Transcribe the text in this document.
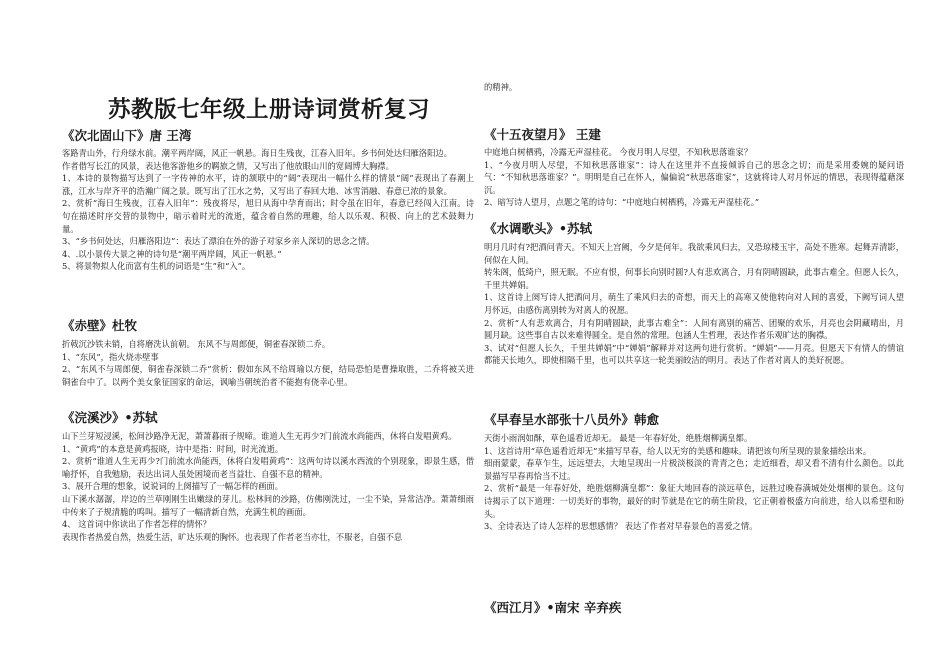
苏教版七年级上册诗词赏析复习

《次北固山下》唐 王湾

客路青山外，行舟绿水前。潮平两岸阔，风正一帆悬。海日生残夜，江春入旧年。乡书何处达归雁洛阳边。

作者借写长江的风景，表达他客游他乡的羁旅之情，又写出了他放眼山川的宽阔博大胸襟。

1、本诗的景物描写达到了一字传神的水平，诗的颔联中的“阔”表现出一幅什么样的情景“阔”表现出了春潮上涨，江水与岸齐平的浩瀚广阔之景。既写出了江水之势，又写出了春回大地、冰雪消融、春意已浓的景象。

2、赏析“海日生残夜，江春入旧年”：残夜将尽，旭日从海中孕育而出；时令虽在旧年，春意已经闯入江南。诗句在描述时序交替的景物中，暗示着时光的流逝，蕴含着自然的理趣，给人以乐观、积极、向上的艺术鼓舞力量。

3、“乡书何处达，归雁洛阳边”：表达了漂泊在外的游子对家乡亲人深切的思念之情。

4、.以小景传大景之神的诗句是“潮平两岸阔，风正一帆悬。”

5、将景物拟人化而富有生机的词语是“生”和“入”。

《赤壁》杜牧

折戟沉沙铁未销，自将磨洗认前朝。 东风不与周郎便，铜雀春深锁二乔。

1、“东风”，指火烧赤壁事

2、“东风不与周郎便，铜雀春深锁二乔”赏析：假如东风不给周瑜以方便，结局恐怕是曹操取胜，二乔将被关进铜雀台中了。以两个美女象征国家的命运，讽喻当朝统治者不能抱有侥幸心里。

《浣溪沙》•苏轼

山下兰芽短浸溪，松间沙路净无泥，萧萧暮雨子规啼。谁道人生无再少?门前流水尚能西，休将白发唱黄鸡。

1、“黄鸡”的本意是黄鸡报晓，诗中是指：时间，时光流逝。

2、赏析“谁道人生无再少?门前流水尚能西，休将白发唱黄鸡”：这两句诗以溪水西流的个别现象，即景生感，借喻抒怀，自我勉励，表达出词人虽处困境而老当益壮、自强不息的精神。

3、展开合理的想象，说说词的上阕描写了一幅怎样的画面。

山下溪水潺潺，岸边的兰草刚刚生出嫩绿的芽儿。松林间的沙路，仿佛刚洗过，一尘不染，异常洁净。萧萧细雨中传来了子规清脆的鸣叫。描写了一幅清新自然，充满生机的画面。

4、 这首词中你读出了作者怎样的情怀？

表现作者热爱自然，热爱生活，旷达乐观的胸怀。也表现了作者老当亦壮，不服老，自强不息

的精神。

《十五夜望月》 王建

中庭地白树栖鸦，冷露无声湿桂花。 今夜月明人尽望，不知秋思落谁家？

1、“今夜月明人尽望，不知秋思落谁家”：诗人在这里并不直接倾诉自己的思念之切；而是采用委婉的疑问语气：“不知秋思落谁家？”。明明是自己在怀人，偏偏说“秋思落谁家”，这就将诗人对月怀远的情思，表现得蕴藉深沉。

2、暗写诗人望月，点题之笔的诗句：“中庭地白树栖鸦，冷露无声湿桂花。”

《水调歌头》•苏轼

明月几时有?把酒问青天。不知天上宫阙，今夕是何年。我欲乘风归去，又恐琼楼玉宇，高处不胜寒。起舞弄清影，何似在人间。

转朱阁，低绮户，照无眠。不应有恨，何事长向别时圆?人有悲欢离合，月有阴晴圆缺，此事古难全。但愿人长久，千里共婵娟。

1、这首诗上阕写诗人把酒问月，萌生了乘风归去的奇想，而天上的高寒又使他转向对人间的喜爱，下阙写词人望月怀远，由感伤离别转为对离人的祝愿。

2、赏析“人有悲欢离合，月有阴晴圆缺，此事古难全”：人间有离别的痛苦、团聚的欢乐，月亮也会阴藏晴出，月圆月缺。这些事自古以来难得圆全。是自然的常理。包涵人生哲理，表达作者乐观旷达的胸襟。

3、试对“但愿人长久，千里共婵娟”中“婵娟”解释并对这两句进行赏析。“婵娟”——月亮。但愿天下有情人的情谊都能天长地久，即使相隔千里，也可以共享这一轮美丽皎洁的明月。表达了作者对离人的美好祝愿。

《早春呈水部张十八员外》韩愈

天街小雨润如酥，草色遥看近却无。 最是一年春好处，绝胜烟柳满皇都。

1、这首诗用“草色遥看近却无”来描写早春，给人以无穷的美感和趣味。请把该句所呈现的景象描绘出来。

细雨蒙蒙，春草乍生，远远望去，大地呈现出一片极淡极淡的青青之色；走近细看，却又看不清有什么颜色。以此景描写早春再恰当不过。

2、赏析“最是一年春好处，绝胜烟柳满皇都”：象征大地回春的淡远草色，远胜过晚春满城处处烟柳的景色。这句诗揭示了以下道理：一切美好的事物，最好的时节就是在它的萌生阶段，它正朝着极盛方向前进，给人以希望和盼头。

3、全诗表达了诗人怎样的思想感情？ 表达了作者对早春景色的喜爱之情。

《西江月》•南宋 辛弃疾
